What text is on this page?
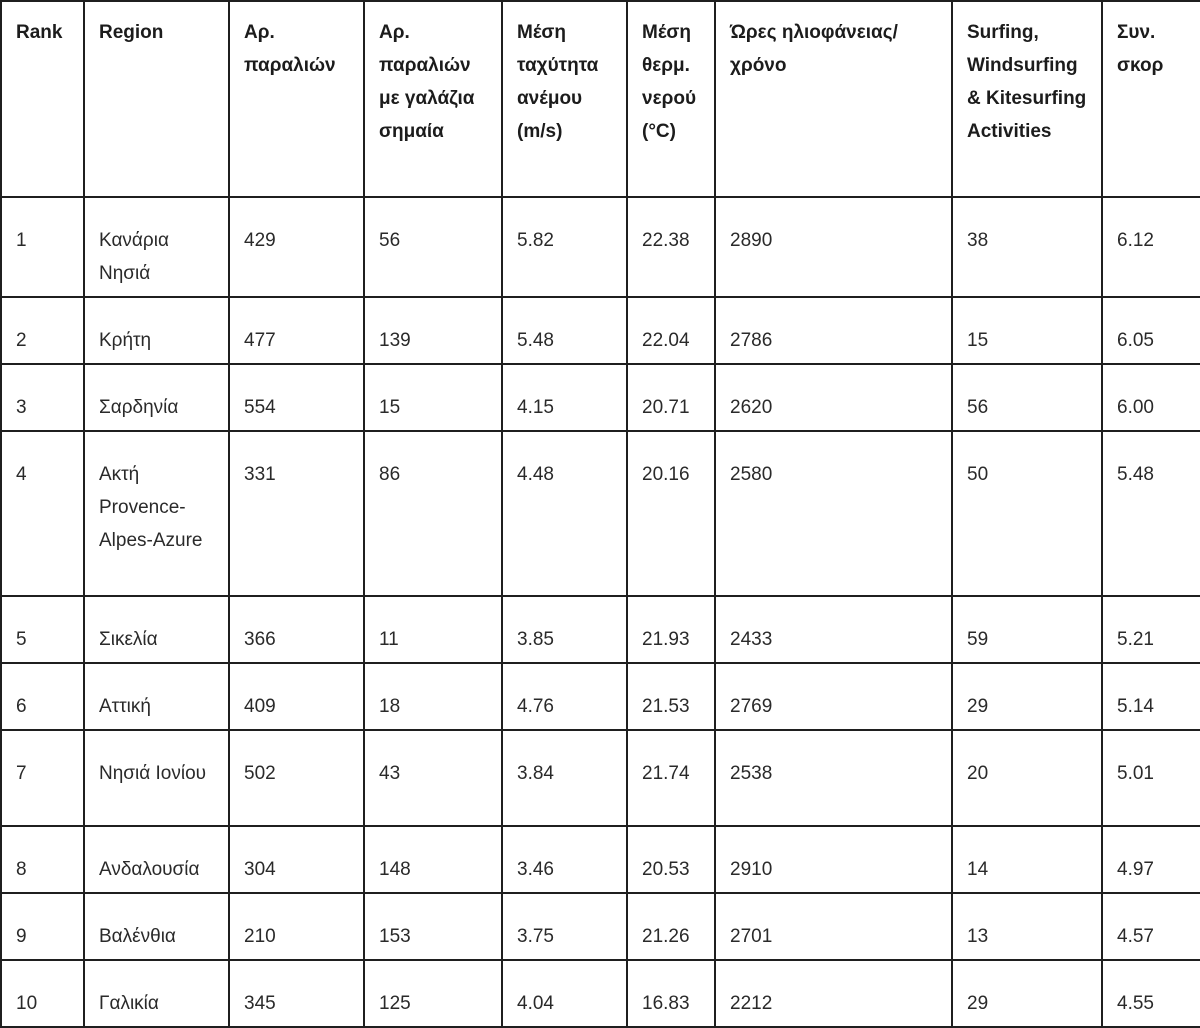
Rank	Region	Αρ. παραλιών	Αρ. παραλιών με γαλάζια σημαία	Μέση ταχύτητα ανέμου (m/s)	Μέση θερμ. νερού (°C)	Ώρες ηλιοφάνειας/χρόνο	Surfing, Windsurfing & Kitesurfing Activities	Συν. σκορ
1	Κανάρια Νησιά	429	56	5.82	22.38	2890	38	6.12
2	Κρήτη	477	139	5.48	22.04	2786	15	6.05
3	Σαρδηνία	554	15	4.15	20.71	2620	56	6.00
4	Ακτή Provence-Alpes-Azure	331	86	4.48	20.16	2580	50	5.48
5	Σικελία	366	11	3.85	21.93	2433	59	5.21
6	Αττική	409	18	4.76	21.53	2769	29	5.14
7	Νησιά Ιονίου	502	43	3.84	21.74	2538	20	5.01
8	Ανδαλουσία	304	148	3.46	20.53	2910	14	4.97
9	Βαλένθια	210	153	3.75	21.26	2701	13	4.57
10	Γαλικία	345	125	4.04	16.83	2212	29	4.55
